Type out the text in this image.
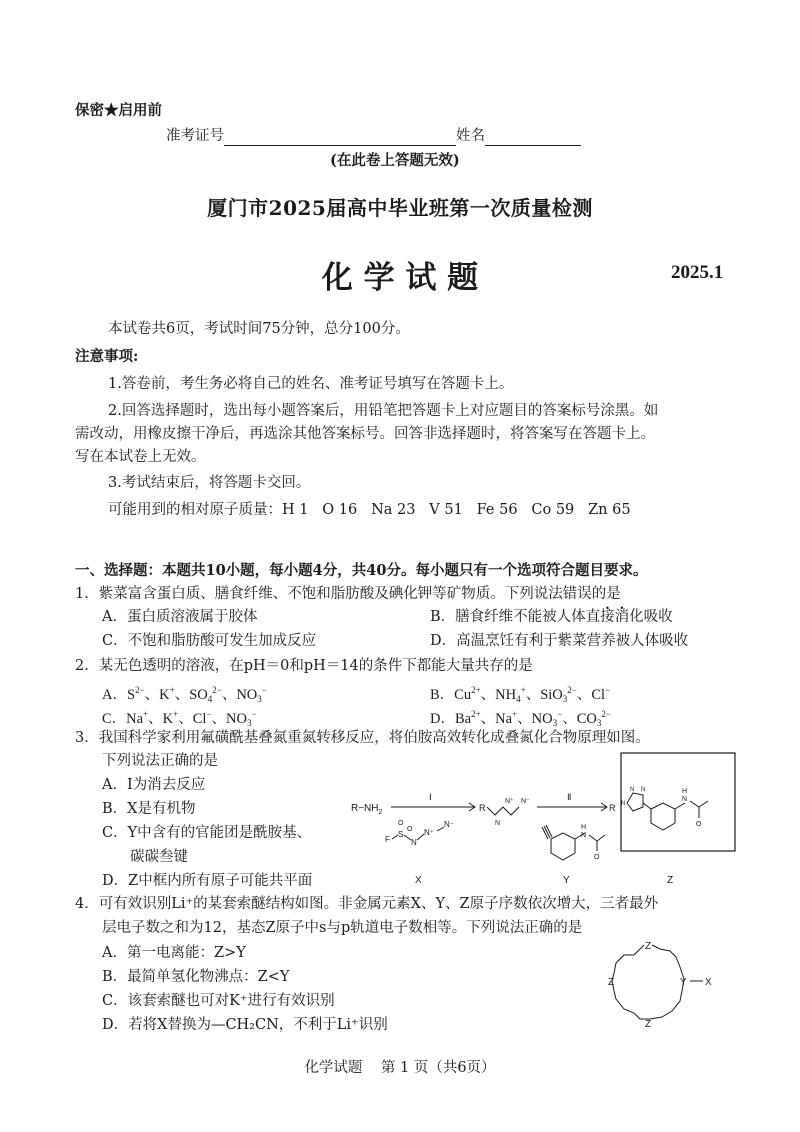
保密★启用前
准考证号	姓名
(在此卷上答题无效)
厦门市2025届高中毕业班第一次质量检测
化 学 试 题	2025.1
本试卷共6页，考试时间75分钟，总分100分。
注意事项:
1.答卷前，考生务必将自己的姓名、准考证号填写在答题卡上。
2.回答选择题时，选出每小题答案后，用铅笔把答题卡上对应题目的答案标号涂黑。如
需改动，用橡皮擦干净后，再选涂其他答案标号。回答非选择题时，将答案写在答题卡上。
写在本试卷上无效。
3.考试结束后，将答题卡交回。
可能用到的相对原子质量：H 1   O 16   Na 23   V 51   Fe 56   Co 59   Zn 65
一、选择题：本题共10小题，每小题4分，共40分。每小题只有一个选项符合题目要求。
1．紫菜富含蛋白质、膳食纤维、不饱和脂肪酸及碘化钾等矿物质。下列说法错误的是
A．蛋白质溶液属于胶体	B．膳食纤维不能被人体直接消化吸收
C．不饱和脂肪酸可发生加成反应	D．高温烹饪有利于紫菜营养被人体吸收
2．某无色透明的溶液，在pH＝0和pH＝14的条件下都能大量共存的是
A．$S^{2-}$、K+、$SO_4^{2-}$、$NO_3^-$	B．$Cu^{2+}$、$NH_4^+$、SiO$_3^{2-}$、Cl−
C．Na+、K+、Cl−、$NO_3^-$	D．$Ba^{2+}$、Na+、$NO_3^-$、$CO_3^{2-}$
3．我国科学家利用氟磺酰基叠氮重氮转移反应，将伯胺高效转化成叠氮化合物原理如图。
下列说法正确的是
A．Ⅰ为消去反应
B．X是有机物
C．Y中含有的官能团是酰胺基、
碳碳叁键
D．Z中框内所有原子可能共平面
$R-NH_2$
Ⅰ
F
S
O
O
N
N⁺
N⁻
X
R
N
N⁺ N⁻	Ⅱ
H
N
O
Y
R
N N
N
H
N
O
Z
4．可有效识别Li⁺的某套索醚结构如图。非金属元素X、Y、Z原子序数依次增大，三者最外
层电子数之和为12，基态Z原子中s与p轨道电子数相等。下列说法正确的是
A．第一电离能：Z>Y
B．最简单氢化物沸点：Z<Y
C．该套索醚也可对K⁺进行有效识别
D．若将X替换为—CH₂CN，不利于Li⁺识别
Z
Z
Z
Y X
化学试题    第 1 页（共6页）
